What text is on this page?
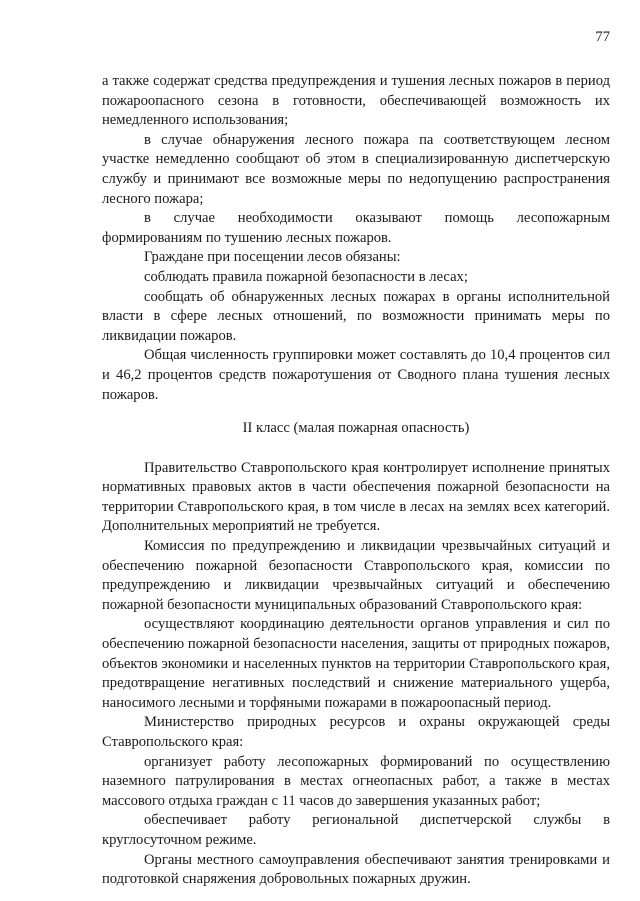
77

а также содержат средства предупреждения и тушения лесных пожаров в период пожароопасного сезона в готовности, обеспечивающей возможность их немедленного использования;

в случае обнаружения лесного пожара па соответствующем лесном участке немедленно сообщают об этом в специализированную диспетчерскую службу и принимают все возможные меры по недопущению распространения лесного пожара;

в случае необходимости оказывают помощь лесопожарным формированиям по тушению лесных пожаров.

Граждане при посещении лесов обязаны:

соблюдать правила пожарной безопасности в лесах;

сообщать об обнаруженных лесных пожарах в органы исполнительной власти в сфере лесных отношений, по возможности принимать меры по ликвидации пожаров.

Общая численность группировки может составлять до 10,4 процентов сил и 46,2 процентов средств пожаротушения от Сводного плана тушения лесных пожаров.

II класс (малая пожарная опасность)

Правительство Ставропольского края контролирует исполнение принятых нормативных правовых актов в части обеспечения пожарной безопасности на территории Ставропольского края, в том числе в лесах на землях всех категорий. Дополнительных мероприятий не требуется.

Комиссия по предупреждению и ликвидации чрезвычайных ситуаций и обеспечению пожарной безопасности Ставропольского края, комиссии по предупреждению и ликвидации чрезвычайных ситуаций и обеспечению пожарной безопасности муниципальных образований Ставропольского края:

осуществляют координацию деятельности органов управления и сил по обеспечению пожарной безопасности населения, защиты от природных пожаров, объектов экономики и населенных пунктов на территории Ставропольского края, предотвращение негативных последствий и снижение материального ущерба, наносимого лесными и торфяными пожарами в пожароопасный период.

Министерство природных ресурсов и охраны окружающей среды Ставропольского края:

организует работу лесопожарных формирований по осуществлению наземного патрулирования в местах огнеопасных работ, а также в местах массового отдыха граждан с 11 часов до завершения указанных работ;

обеспечивает работу региональной диспетчерской службы в круглосуточном режиме.

Органы местного самоуправления обеспечивают занятия тренировками и подготовкой снаряжения добровольных пожарных дружин.
